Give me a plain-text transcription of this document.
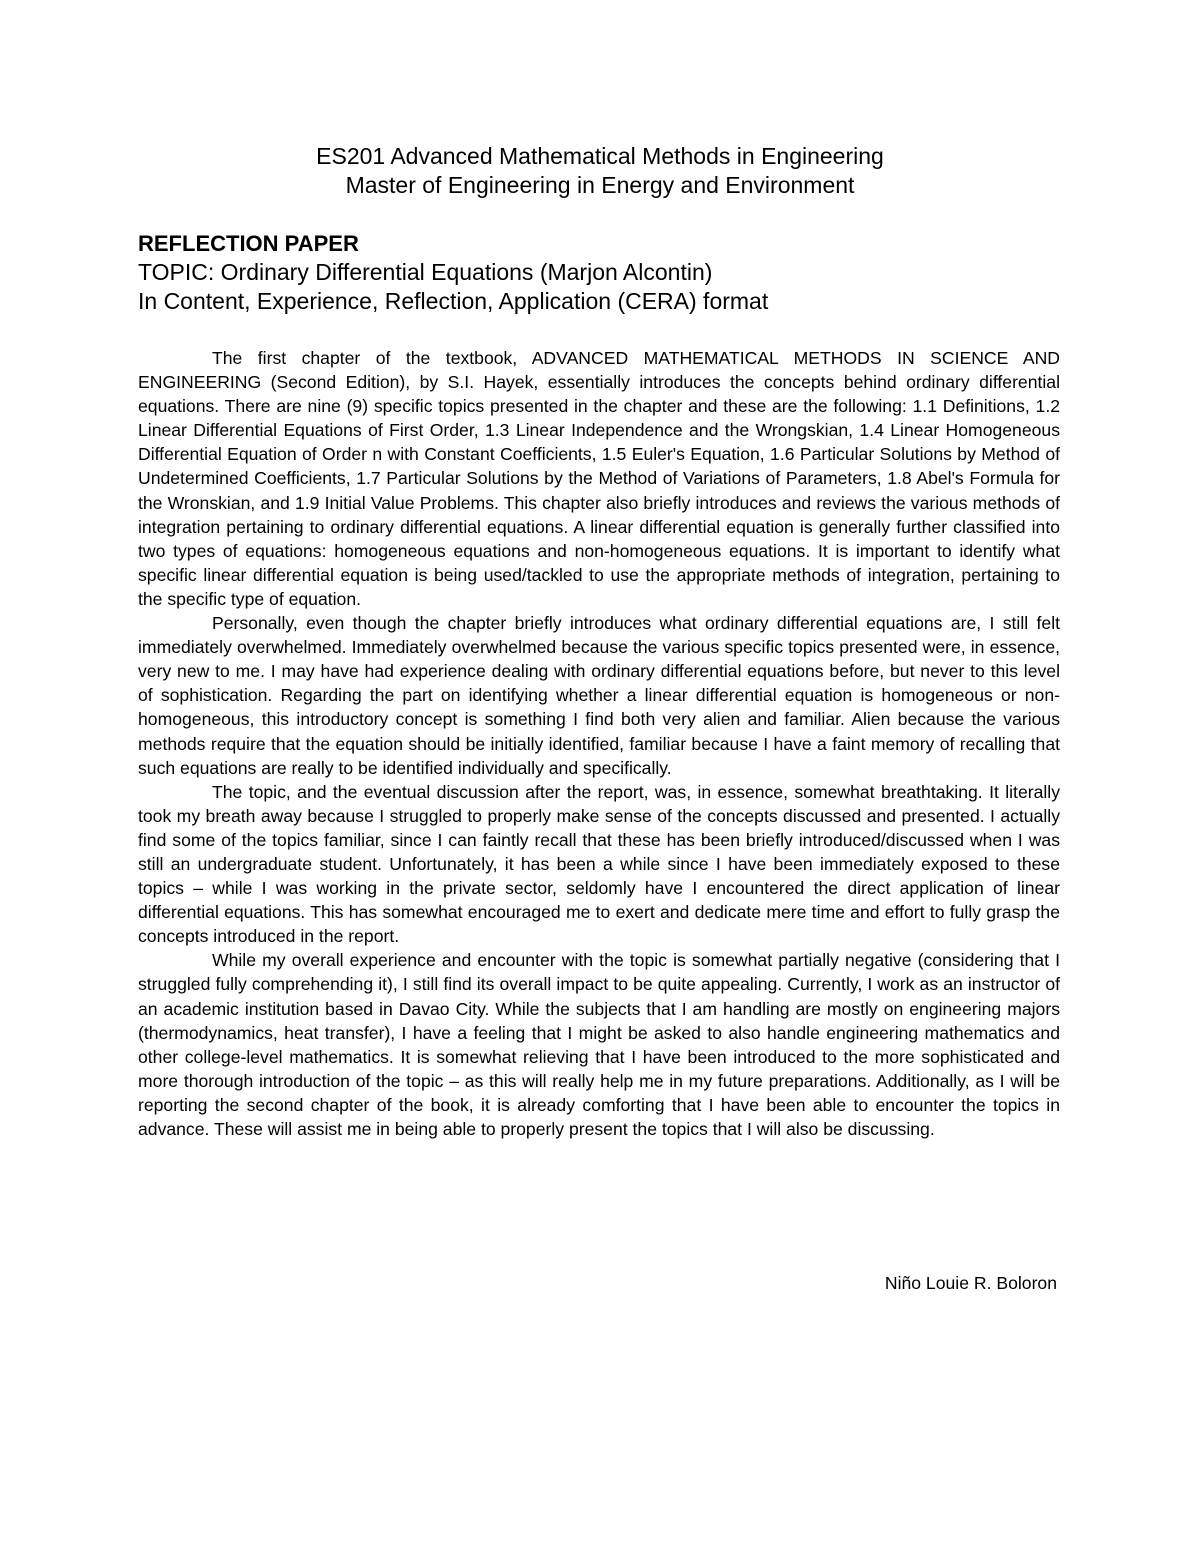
ES201 Advanced Mathematical Methods in Engineering
Master of Engineering in Energy and Environment
REFLECTION PAPER
TOPIC: Ordinary Differential Equations (Marjon Alcontin)
In Content, Experience, Reflection, Application (CERA) format

The first chapter of the textbook, ADVANCED MATHEMATICAL METHODS IN SCIENCE AND ENGINEERING (Second Edition), by S.I. Hayek, essentially introduces the concepts behind ordinary differential equations. There are nine (9) specific topics presented in the chapter and these are the following: 1.1 Definitions, 1.2 Linear Differential Equations of First Order, 1.3 Linear Independence and the Wrongskian, 1.4 Linear Homogeneous Differential Equation of Order n with Constant Coefficients, 1.5 Euler's Equation, 1.6 Particular Solutions by Method of Undetermined Coefficients, 1.7 Particular Solutions by the Method of Variations of Parameters, 1.8 Abel's Formula for the Wronskian, and 1.9 Initial Value Problems. This chapter also briefly introduces and reviews the various methods of integration pertaining to ordinary differential equations. A linear differential equation is generally further classified into two types of equations: homogeneous equations and non-homogeneous equations. It is important to identify what specific linear differential equation is being used/tackled to use the appropriate methods of integration, pertaining to the specific type of equation.

Personally, even though the chapter briefly introduces what ordinary differential equations are, I still felt immediately overwhelmed. Immediately overwhelmed because the various specific topics presented were, in essence, very new to me. I may have had experience dealing with ordinary differential equations before, but never to this level of sophistication. Regarding the part on identifying whether a linear differential equation is homogeneous or non-homogeneous, this introductory concept is something I find both very alien and familiar. Alien because the various methods require that the equation should be initially identified, familiar because I have a faint memory of recalling that such equations are really to be identified individually and specifically.

The topic, and the eventual discussion after the report, was, in essence, somewhat breathtaking. It literally took my breath away because I struggled to properly make sense of the concepts discussed and presented. I actually find some of the topics familiar, since I can faintly recall that these has been briefly introduced/discussed when I was still an undergraduate student. Unfortunately, it has been a while since I have been immediately exposed to these topics – while I was working in the private sector, seldomly have I encountered the direct application of linear differential equations. This has somewhat encouraged me to exert and dedicate mere time and effort to fully grasp the concepts introduced in the report.

While my overall experience and encounter with the topic is somewhat partially negative (considering that I struggled fully comprehending it), I still find its overall impact to be quite appealing. Currently, I work as an instructor of an academic institution based in Davao City. While the subjects that I am handling are mostly on engineering majors (thermodynamics, heat transfer), I have a feeling that I might be asked to also handle engineering mathematics and other college-level mathematics. It is somewhat relieving that I have been introduced to the more sophisticated and more thorough introduction of the topic – as this will really help me in my future preparations. Additionally, as I will be reporting the second chapter of the book, it is already comforting that I have been able to encounter the topics in advance. These will assist me in being able to properly present the topics that I will also be discussing.

Niño Louie R. Boloron
